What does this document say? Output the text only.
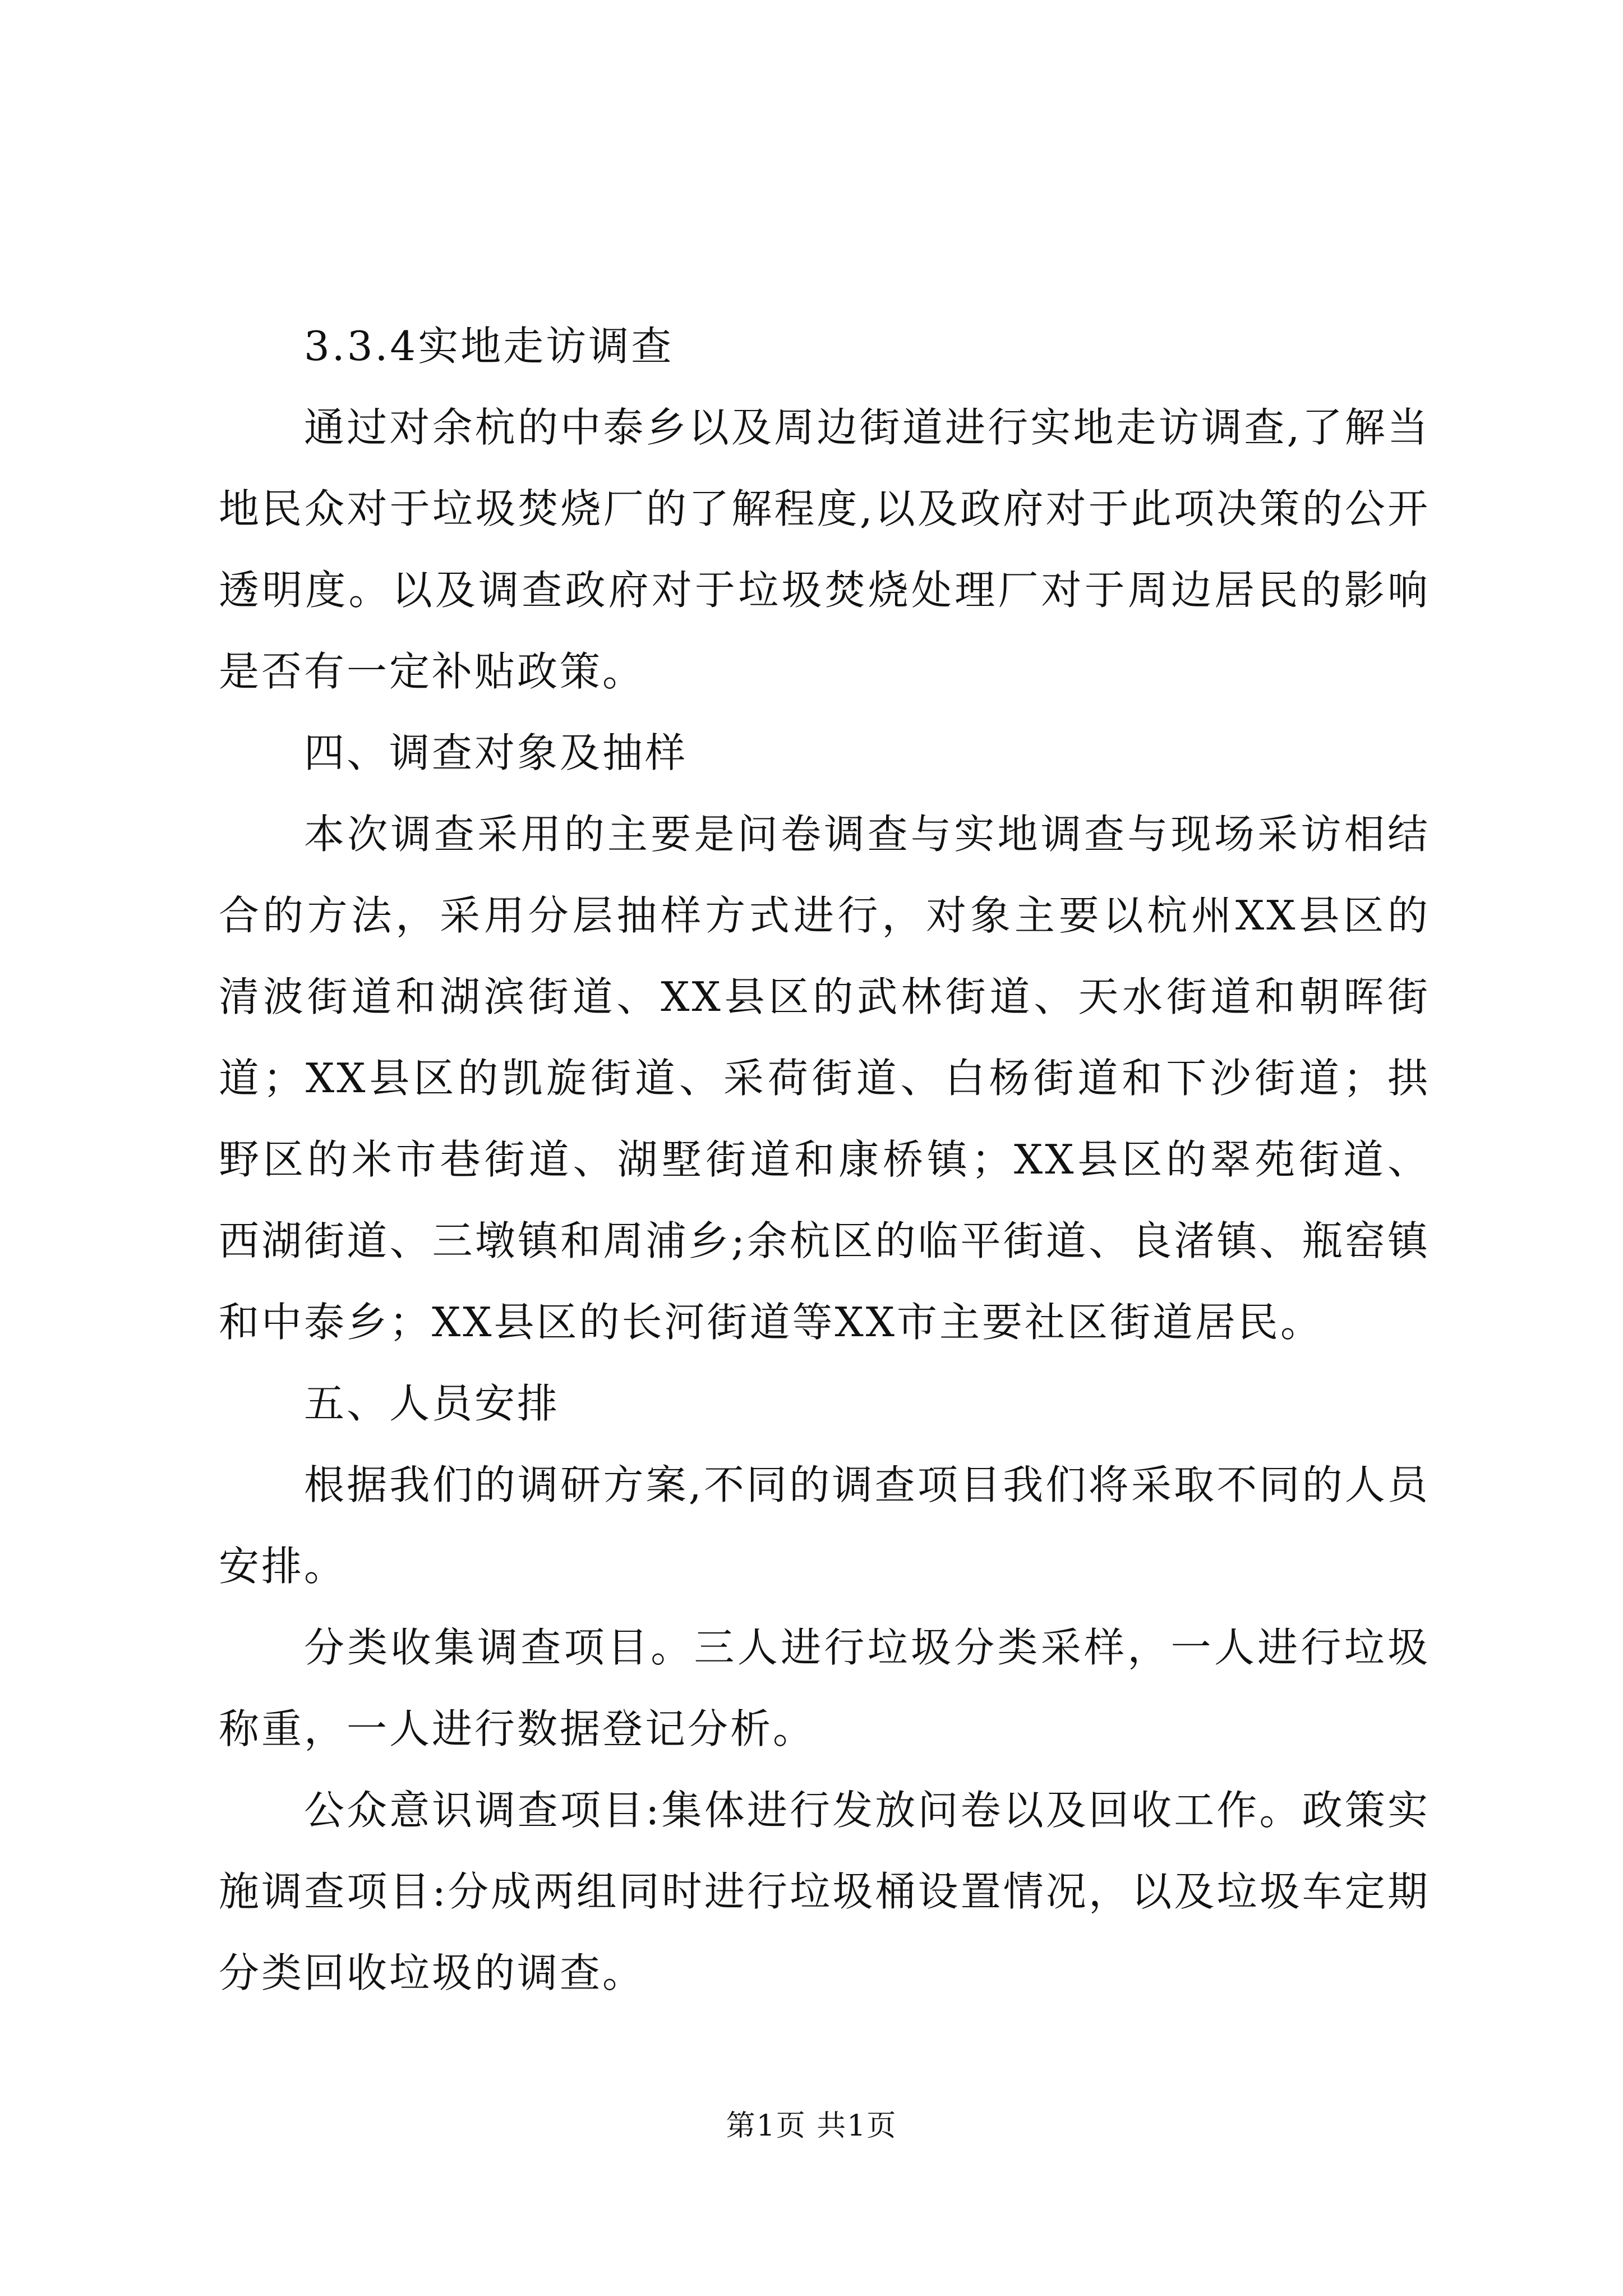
3.3.4实地走访调查

通过对余杭的中泰乡以及周边街道进行实地走访调查,了解当地民众对于垃圾焚烧厂的了解程度,以及政府对于此项决策的公开透明度。以及调查政府对于垃圾焚烧处理厂对于周边居民的影响是否有一定补贴政策。

四、调查对象及抽样

本次调查采用的主要是问卷调查与实地调查与现场采访相结合的方法，采用分层抽样方式进行，对象主要以杭州XX县区的清波街道和湖滨街道、XX县区的武林街道、天水街道和朝晖街道；XX县区的凯旋街道、采荷街道、白杨街道和下沙街道；拱野区的米市巷街道、湖墅街道和康桥镇；XX县区的翠苑街道、西湖街道、三墩镇和周浦乡;余杭区的临平街道、良渚镇、瓶窑镇和中泰乡；XX县区的长河街道等XX市主要社区街道居民。

五、人员安排

根据我们的调研方案,不同的调查项目我们将采取不同的人员安排。

分类收集调查项目。三人进行垃圾分类采样，一人进行垃圾称重，一人进行数据登记分析。

公众意识调查项目:集体进行发放问卷以及回收工作。政策实施调查项目:分成两组同时进行垃圾桶设置情况，以及垃圾车定期分类回收垃圾的调查。

第1页 共1页
